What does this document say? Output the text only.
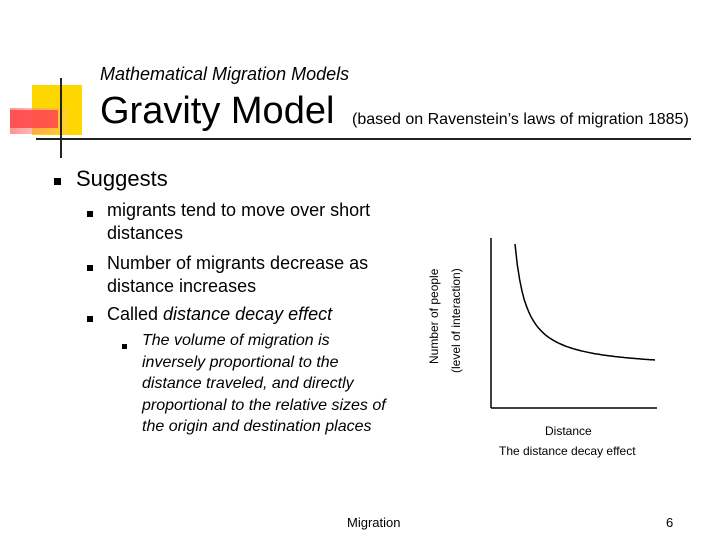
Mathematical Migration Models
Gravity Model (based on Ravenstein’s laws of migration 1885)
Suggests
migrants tend to move over short distances
Number of migrants decrease as distance increases
Called distance decay effect
The volume of migration is inversely proportional to the distance traveled, and directly proportional to the relative sizes of the origin and destination places
Number of people (level of interaction)
Distance
The distance decay effect
Migration	6
